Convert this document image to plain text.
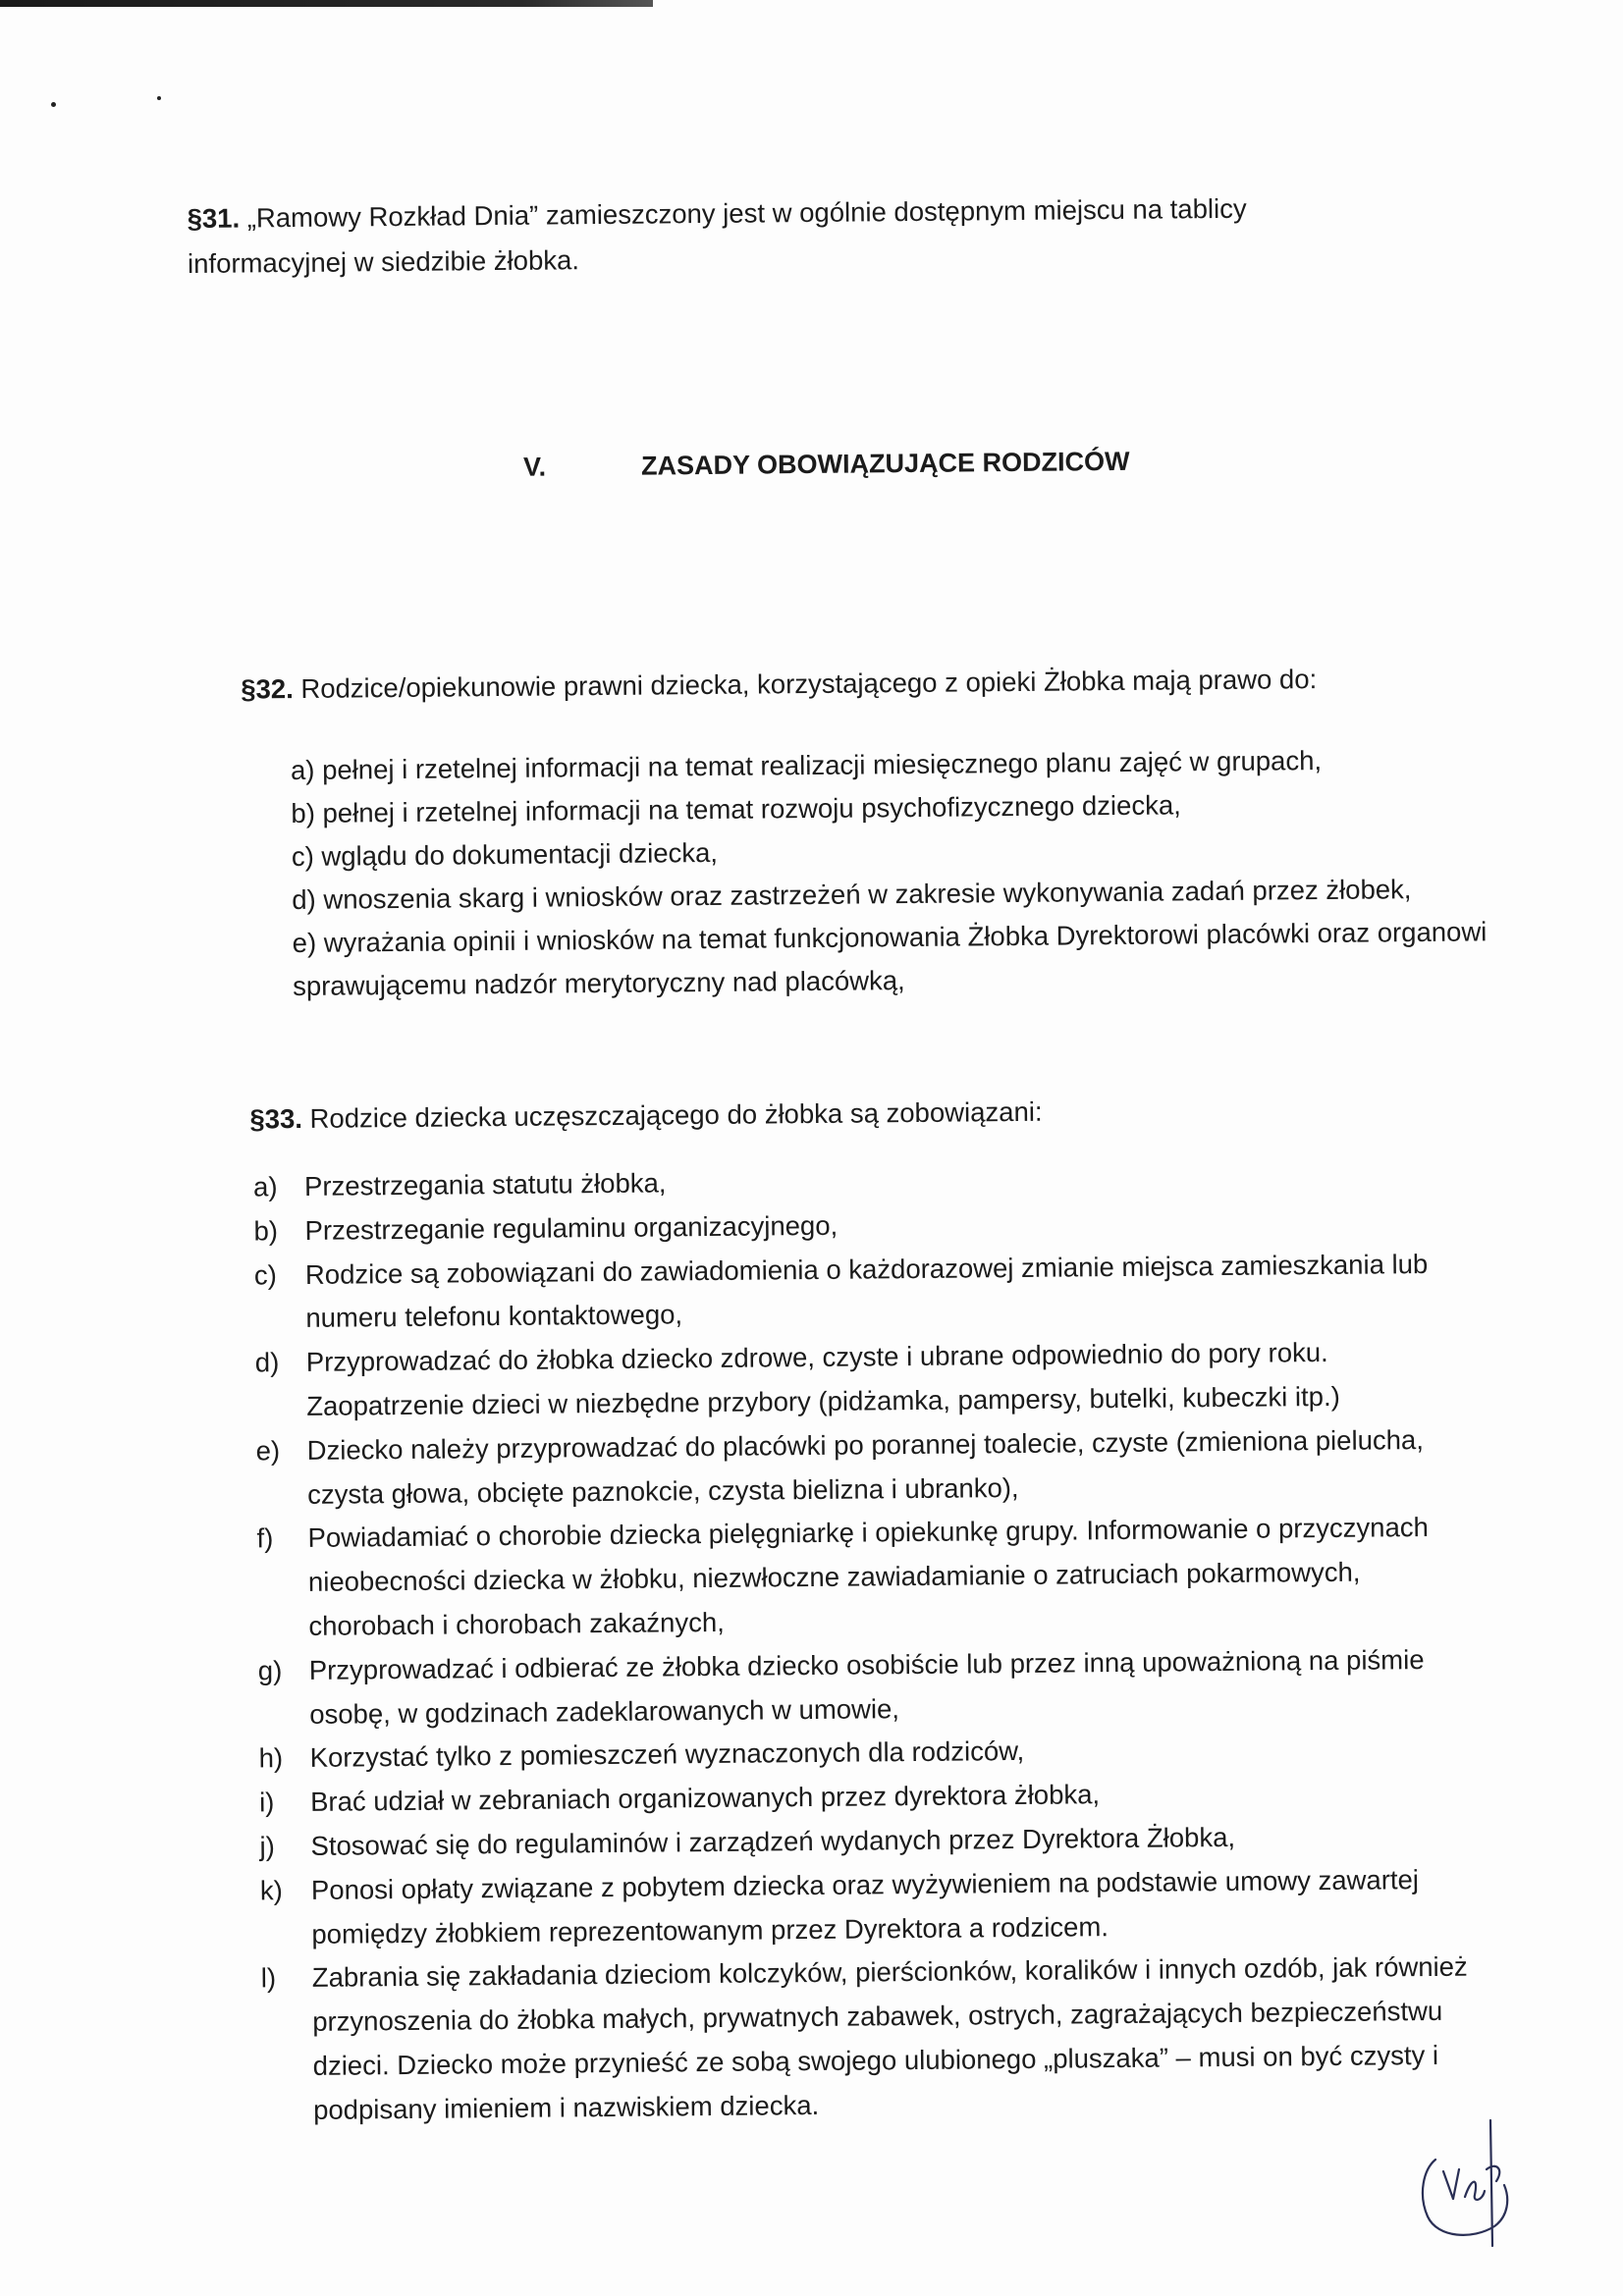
§31. „Ramowy Rozkład Dnia” zamieszczony jest w ogólnie dostępnym miejscu na tablicy informacyjnej w siedzibie żłobka.
V.	ZASADY OBOWIĄZUJĄCE RODZICÓW
§32. Rodzice/opiekunowie prawni dziecka, korzystającego z opieki Żłobka mają prawo do:
a) pełnej i rzetelnej informacji na temat realizacji miesięcznego planu zajęć w grupach,
b) pełnej i rzetelnej informacji na temat rozwoju psychofizycznego dziecka,
c) wglądu do dokumentacji dziecka,
d) wnoszenia skarg i wniosków oraz zastrzeżeń w zakresie wykonywania zadań przez żłobek,
e) wyrażania opinii i wniosków na temat funkcjonowania Żłobka Dyrektorowi placówki oraz organowi sprawującemu nadzór merytoryczny nad placówką,
§33. Rodzice dziecka uczęszczającego do żłobka są zobowiązani:
a) Przestrzegania statutu żłobka,
b) Przestrzeganie regulaminu organizacyjnego,
c)	Rodzice są zobowiązani do zawiadomienia o każdorazowej zmianie miejsca zamieszkania lub numeru telefonu kontaktowego,
d) Przyprowadzać do żłobka dziecko zdrowe, czyste i ubrane odpowiednio do pory roku. Zaopatrzenie dzieci w niezbędne przybory (pidżamka, pampersy, butelki, kubeczki itp.)
e) Dziecko należy przyprowadzać do placówki po porannej toalecie, czyste (zmieniona pielucha, czysta głowa, obcięte paznokcie, czysta bielizna i ubranko),
f)	Powiadamiać o chorobie dziecka pielęgniarkę i opiekunkę grupy. Informowanie o przyczynach nieobecności dziecka w żłobku, niezwłoczne zawiadamianie o zatruciach pokarmowych, chorobach i chorobach zakaźnych,
g) Przyprowadzać i odbierać ze żłobka dziecko osobiście lub przez inną upoważnioną na piśmie osobę, w godzinach zadeklarowanych w umowie,
h) Korzystać tylko z pomieszczeń wyznaczonych dla rodziców,
i)	Brać udział w zebraniach organizowanych przez dyrektora żłobka,
j)	Stosować się do regulaminów i zarządzeń wydanych przez Dyrektora Żłobka,
k)	Ponosi opłaty związane z pobytem dziecka oraz wyżywieniem na podstawie umowy zawartej pomiędzy żłobkiem reprezentowanym przez Dyrektora a rodzicem.
l)	Zabrania się zakładania dzieciom kolczyków, pierścionków, koralików i innych ozdób, jak również przynoszenia do żłobka małych, prywatnych zabawek, ostrych, zagrażających bezpieczeństwu dzieci. Dziecko może przynieść ze sobą swojego ulubionego „pluszaka” – musi on być czysty i podpisany imieniem i nazwiskiem dziecka.
